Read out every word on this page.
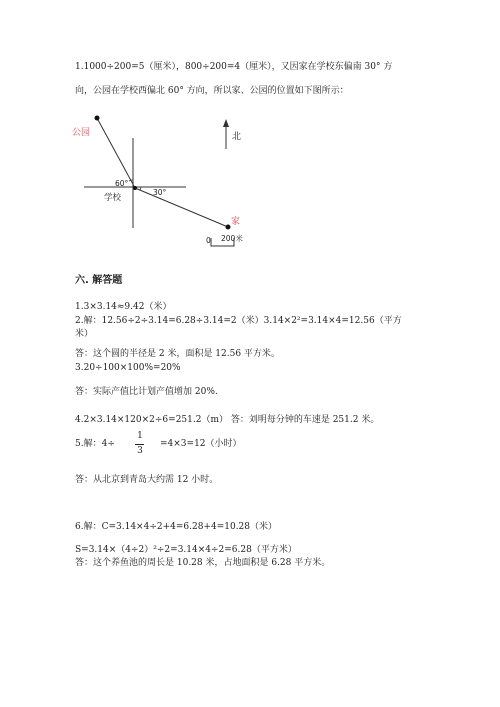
1.1000÷200=5（厘米），800÷200=4（厘米），又因家在学校东偏南 30° 方
向，公园在学校西偏北 60° 方向，所以家、公园的位置如下图所示：
公园
学校
家
北
60°
30°
0 200米
六. 解答题
1.3×3.14≈9.42（米）
2.解：12.56÷2÷3.14=6.28÷3.14=2（米）3.14×2²=3.14×4=12.56（平方
米）
答：这个圆的半径是 2 米，面积是 12.56 平方米。
3.20÷100×100%=20%
答：实际产值比计划产值增加 20%.
4.2×3.14×120×2÷6=251.2（m） 答：刘明每分钟的车速是 251.2 米。
5.解：4÷
1
3
=4×3=12（小时）
答：从北京到青岛大约需 12 小时。
6.解：C=3.14×4÷2+4=6.28+4=10.28（米）
S=3.14×（4÷2）²÷2=3.14×4÷2=6.28（平方米）
答：这个养鱼池的周长是 10.28 米，占地面积是 6.28 平方米。
